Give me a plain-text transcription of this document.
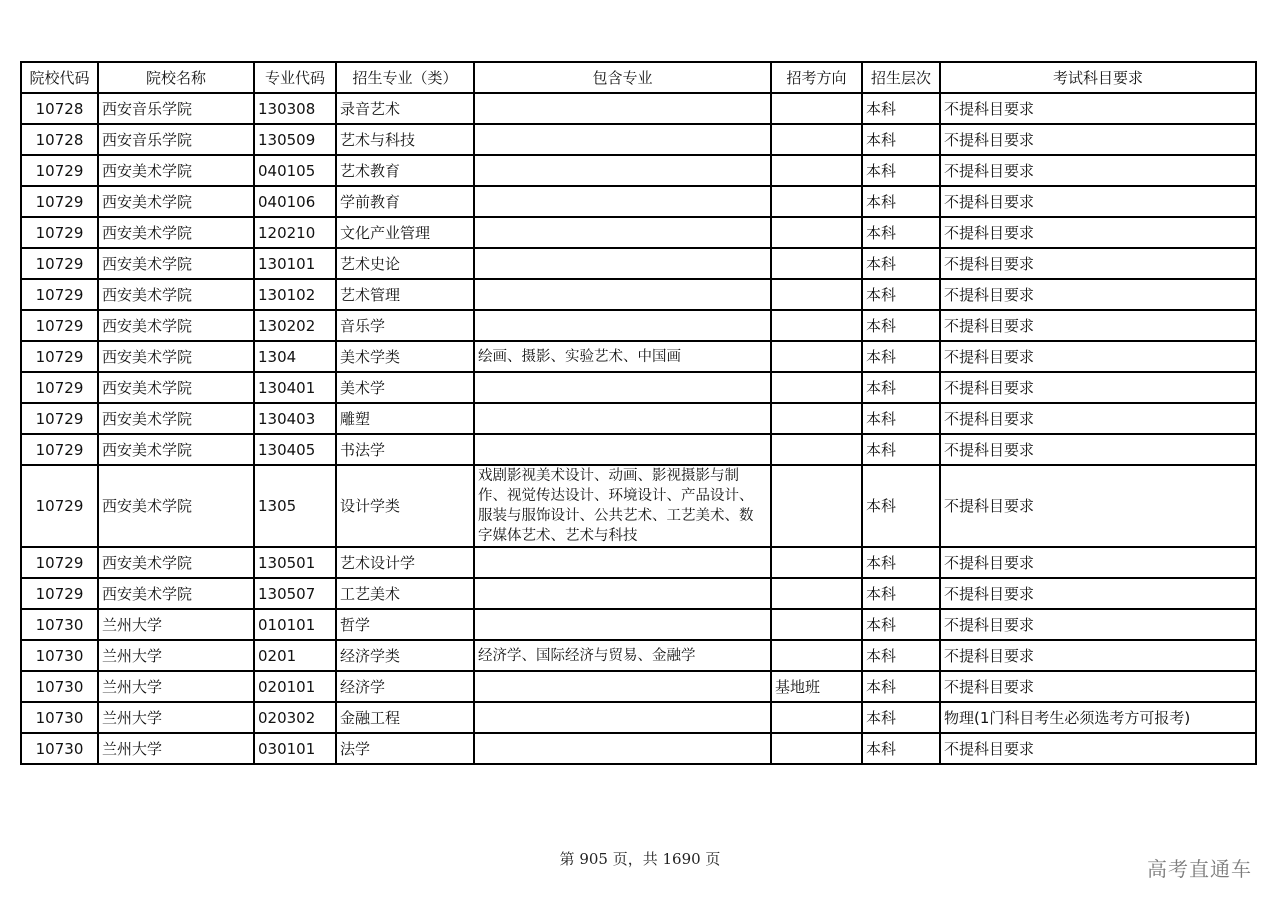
院校代码	院校名称	专业代码	招生专业（类）	包含专业	招考方向	招生层次	考试科目要求
10728	西安音乐学院	130308	录音艺术			本科	不提科目要求
10728	西安音乐学院	130509	艺术与科技			本科	不提科目要求
10729	西安美术学院	040105	艺术教育			本科	不提科目要求
10729	西安美术学院	040106	学前教育			本科	不提科目要求
10729	西安美术学院	120210	文化产业管理			本科	不提科目要求
10729	西安美术学院	130101	艺术史论			本科	不提科目要求
10729	西安美术学院	130102	艺术管理			本科	不提科目要求
10729	西安美术学院	130202	音乐学			本科	不提科目要求
10729	西安美术学院	1304	美术学类	绘画、摄影、实验艺术、中国画		本科	不提科目要求
10729	西安美术学院	130401	美术学			本科	不提科目要求
10729	西安美术学院	130403	雕塑			本科	不提科目要求
10729	西安美术学院	130405	书法学			本科	不提科目要求
10729	西安美术学院	1305	设计学类	戏剧影视美术设计、动画、影视摄影与制作、视觉传达设计、环境设计、产品设计、服装与服饰设计、公共艺术、工艺美术、数字媒体艺术、艺术与科技		本科	不提科目要求
10729	西安美术学院	130501	艺术设计学			本科	不提科目要求
10729	西安美术学院	130507	工艺美术			本科	不提科目要求
10730	兰州大学	010101	哲学			本科	不提科目要求
10730	兰州大学	0201	经济学类	经济学、国际经济与贸易、金融学		本科	不提科目要求
10730	兰州大学	020101	经济学		基地班	本科	不提科目要求
10730	兰州大学	020302	金融工程			本科	物理(1门科目考生必须选考方可报考)
10730	兰州大学	030101	法学			本科	不提科目要求
第 905 页，共 1690 页	高考直通车
